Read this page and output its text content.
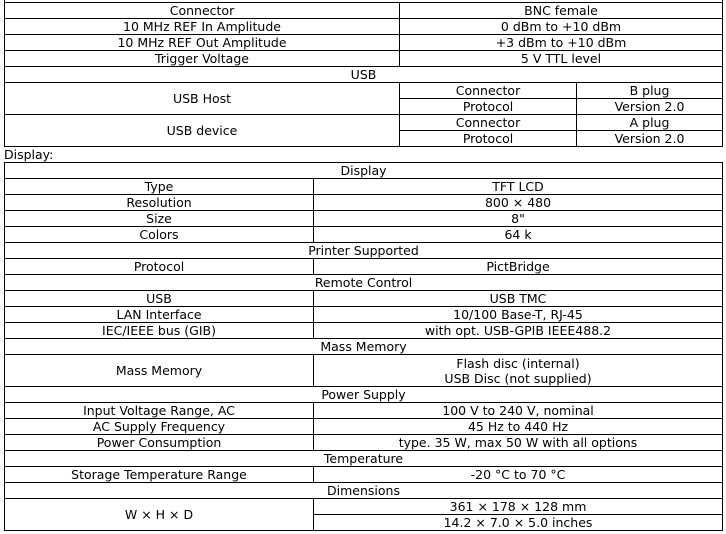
Connector	BNC female	
10 MHz REF In Amplitude	0 dBm to +10 dBm	
10 MHz REF Out Amplitude	+3 dBm to +10 dBm	
Trigger Voltage	5 V TTL level	
USB		
USB Host	Connector	B plug
	Protocol	Version 2.0
USB device	Connector	A plug
	Protocol	Version 2.0
Display:
Display	
Type	TFT LCD
Resolution	800 × 480
Size	8"
Colors	64 k
Printer Supported	
Protocol	PictBridge
Remote Control	
USB	USB TMC
LAN Interface	10/100 Base-T, RJ-45
IEC/IEEE bus (GIB)	with opt. USB-GPIB IEEE488.2
Mass Memory	
Mass Memory	Flash disc (internal)
USB Disc (not supplied)

Power Supply	
Input Voltage Range, AC	100 V to 240 V, nominal
AC Supply Frequency	45 Hz to 440 Hz
Power Consumption	type. 35 W, max 50 W with all options
Temperature	
Storage Temperature Range	-20 °C to 70 °C
Dimensions	
W × H × D	361 × 178 × 128 mm
	14.2 × 7.0 × 5.0 inches
